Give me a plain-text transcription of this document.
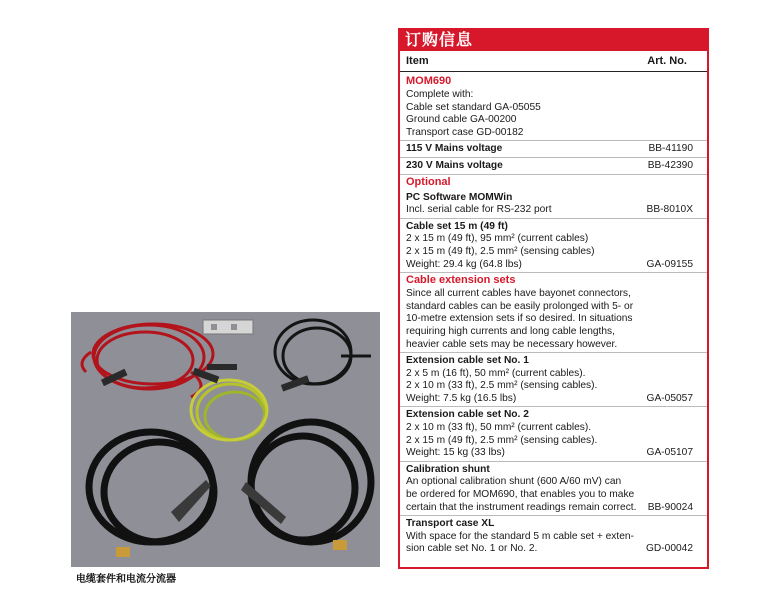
电缆套件和电流分流器
订购信息
Item	Art. No.
MOM690
Complete with:
Cable set standard GA-05055
Ground cable GA-00200
Transport case GD-00182
115 V Mains voltage	BB-41190
230 V Mains voltage	BB-42390
Optional
PC Software MOMWin
Incl. serial cable for RS-232 port	BB-8010X
Cable set 15 m (49 ft)
2 x 15 m (49 ft), 95 mm² (current cables)
2 x 15 m (49 ft), 2.5 mm² (sensing cables)
Weight: 29.4 kg (64.8 lbs)	GA-09155
Cable extension sets
Since all current cables have bayonet connectors,
standard cables can be easily prolonged with 5- or
10-metre extension sets if so desired. In situations
requiring high currents and long cable lengths,
heavier cable sets may be necessary however.
Extension cable set No. 1
2 x 5 m (16 ft), 50 mm² (current cables).
2 x 10 m (33 ft), 2.5 mm² (sensing cables).
Weight: 7.5 kg (16.5 lbs)	GA-05057
Extension cable set No. 2
2 x 10 m (33 ft), 50 mm² (current cables).
2 x 15 m (49 ft), 2.5 mm² (sensing cables).
Weight: 15 kg (33 lbs)	GA-05107
Calibration shunt
An optional calibration shunt (600 A/60 mV) can
be ordered for MOM690, that enables you to make
certain that the instrument readings remain correct.	BB-90024
Transport case XL
With space for the standard 5 m cable set + exten-
sion cable set No. 1 or No. 2.	GD-00042
